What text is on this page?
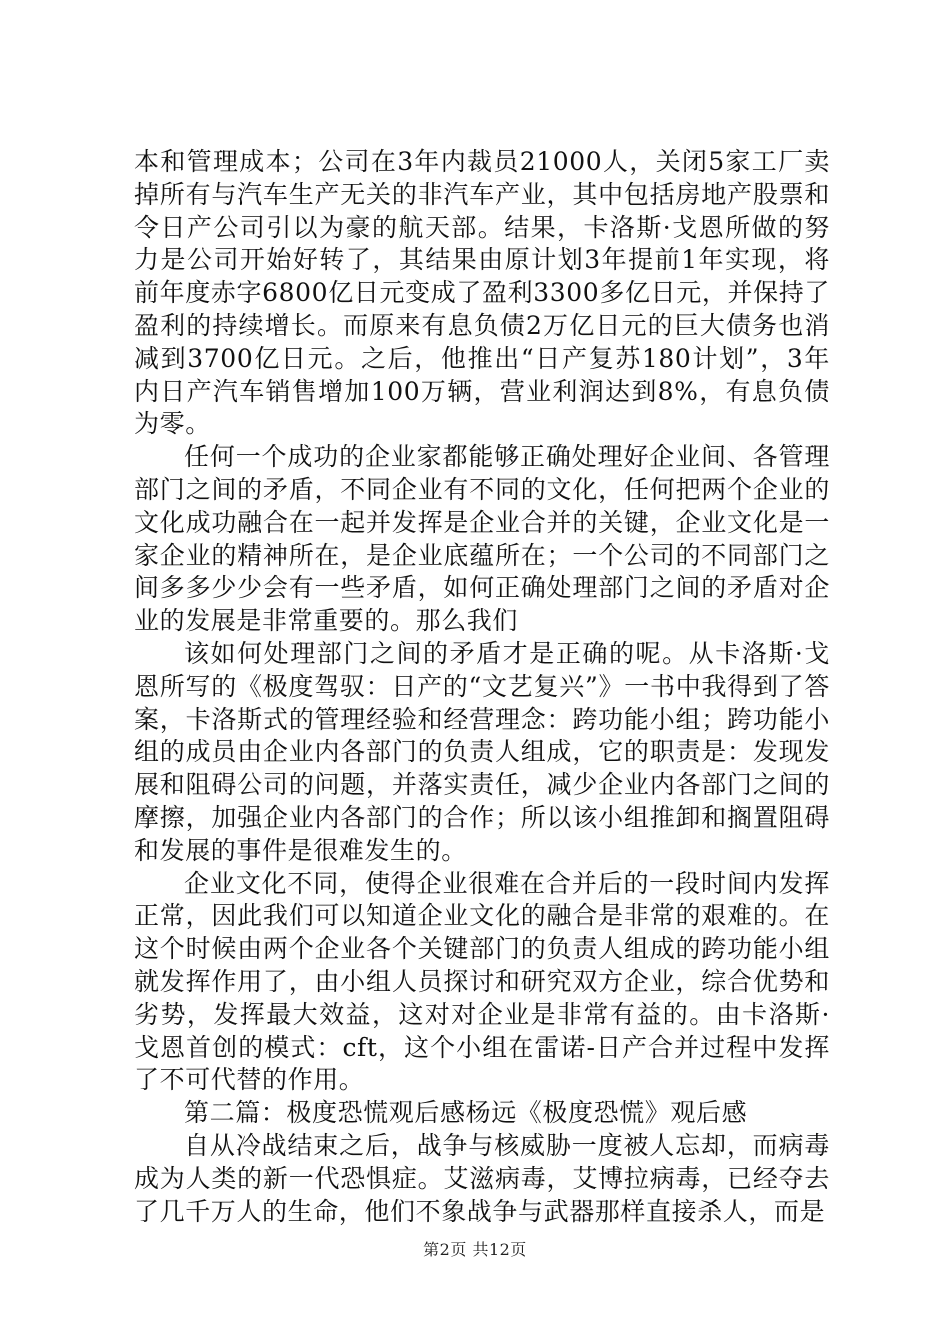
本和管理成本；公司在3年内裁员21000人，关闭5家工厂卖掉所有与汽车生产无关的非汽车产业，其中包括房地产股票和令日产公司引以为豪的航天部。结果，卡洛斯·戈恩所做的努力是公司开始好转了，其结果由原计划3年提前1年实现，将前年度赤字6800亿日元变成了盈利3300多亿日元，并保持了盈利的持续增长。而原来有息负债2万亿日元的巨大债务也消减到3700亿日元。之后，他推出“日产复苏180计划”，3年内日产汽车销售增加100万辆，营业利润达到8%，有息负债为零。

任何一个成功的企业家都能够正确处理好企业间、各管理部门之间的矛盾，不同企业有不同的文化，任何把两个企业的文化成功融合在一起并发挥是企业合并的关键，企业文化是一家企业的精神所在，是企业底蕴所在；一个公司的不同部门之间多多少少会有一些矛盾，如何正确处理部门之间的矛盾对企业的发展是非常重要的。那么我们

该如何处理部门之间的矛盾才是正确的呢。从卡洛斯·戈恩所写的《极度驾驭：日产的“文艺复兴”》一书中我得到了答案，卡洛斯式的管理经验和经营理念：跨功能小组；跨功能小组的成员由企业内各部门的负责人组成，它的职责是：发现发展和阻碍公司的问题，并落实责任，减少企业内各部门之间的摩擦，加强企业内各部门的合作；所以该小组推卸和搁置阻碍和发展的事件是很难发生的。

企业文化不同，使得企业很难在合并后的一段时间内发挥正常，因此我们可以知道企业文化的融合是非常的艰难的。在这个时候由两个企业各个关键部门的负责人组成的跨功能小组就发挥作用了，由小组人员探讨和研究双方企业，综合优势和劣势，发挥最大效益，这对对企业是非常有益的。由卡洛斯·戈恩首创的模式：cft，这个小组在雷诺-日产合并过程中发挥了不可代替的作用。

第二篇：极度恐慌观后感杨远《极度恐慌》观后感

自从冷战结束之后，战争与核威胁一度被人忘却，而病毒成为人类的新一代恐惧症。艾滋病毒，艾博拉病毒，已经夺去了几千万人的生命，他们不象战争与武器那样直接杀人，而是

第2页 共12页
